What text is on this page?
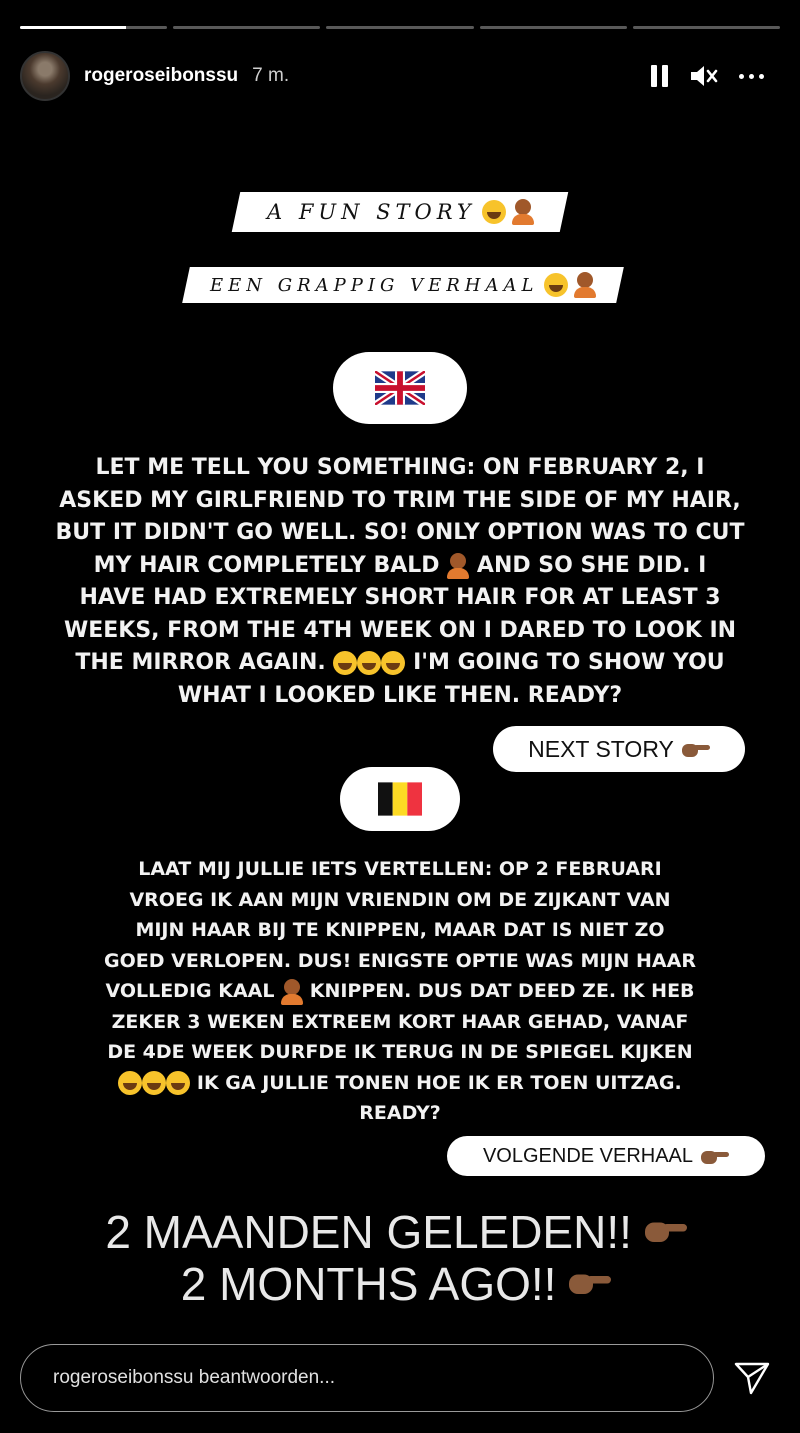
rogeroseibonssu 7 m.
A FUN STORY
EEN GRAPPIG VERHAAL
LET ME TELL YOU SOMETHING: ON FEBRUARY 2, I
ASKED MY GIRLFRIEND TO TRIM THE SIDE OF MY HAIR,
BUT IT DIDN'T GO WELL. SO! ONLY OPTION WAS TO CUT
MY HAIR COMPLETELY BALD AND SO SHE DID. I
HAVE HAD EXTREMELY SHORT HAIR FOR AT LEAST 3
WEEKS, FROM THE 4TH WEEK ON I DARED TO LOOK IN
THE MIRROR AGAIN.	I'M GOING TO SHOW YOU
WHAT I LOOKED LIKE THEN. READY?
NEXT STORY
LAAT MIJ JULLIE IETS VERTELLEN: OP 2 FEBRUARI
VROEG IK AAN MIJN VRIENDIN OM DE ZIJKANT VAN
MIJN HAAR BIJ TE KNIPPEN, MAAR DAT IS NIET ZO
GOED VERLOPEN. DUS! ENIGSTE OPTIE WAS MIJN HAAR
VOLLEDIG KAAL KNIPPEN. DUS DAT DEED ZE. IK HEB
ZEKER 3 WEKEN EXTREEM KORT HAAR GEHAD, VANAF
DE 4DE WEEK DURFDE IK TERUG IN DE SPIEGEL KIJKEN
IK GA JULLIE TONEN HOE IK ER TOEN UITZAG.
READY?
VOLGENDE VERHAAL
2 MAANDEN GELEDEN!!
2 MONTHS AGO!!
rogeroseibonssu beantwoorden...
